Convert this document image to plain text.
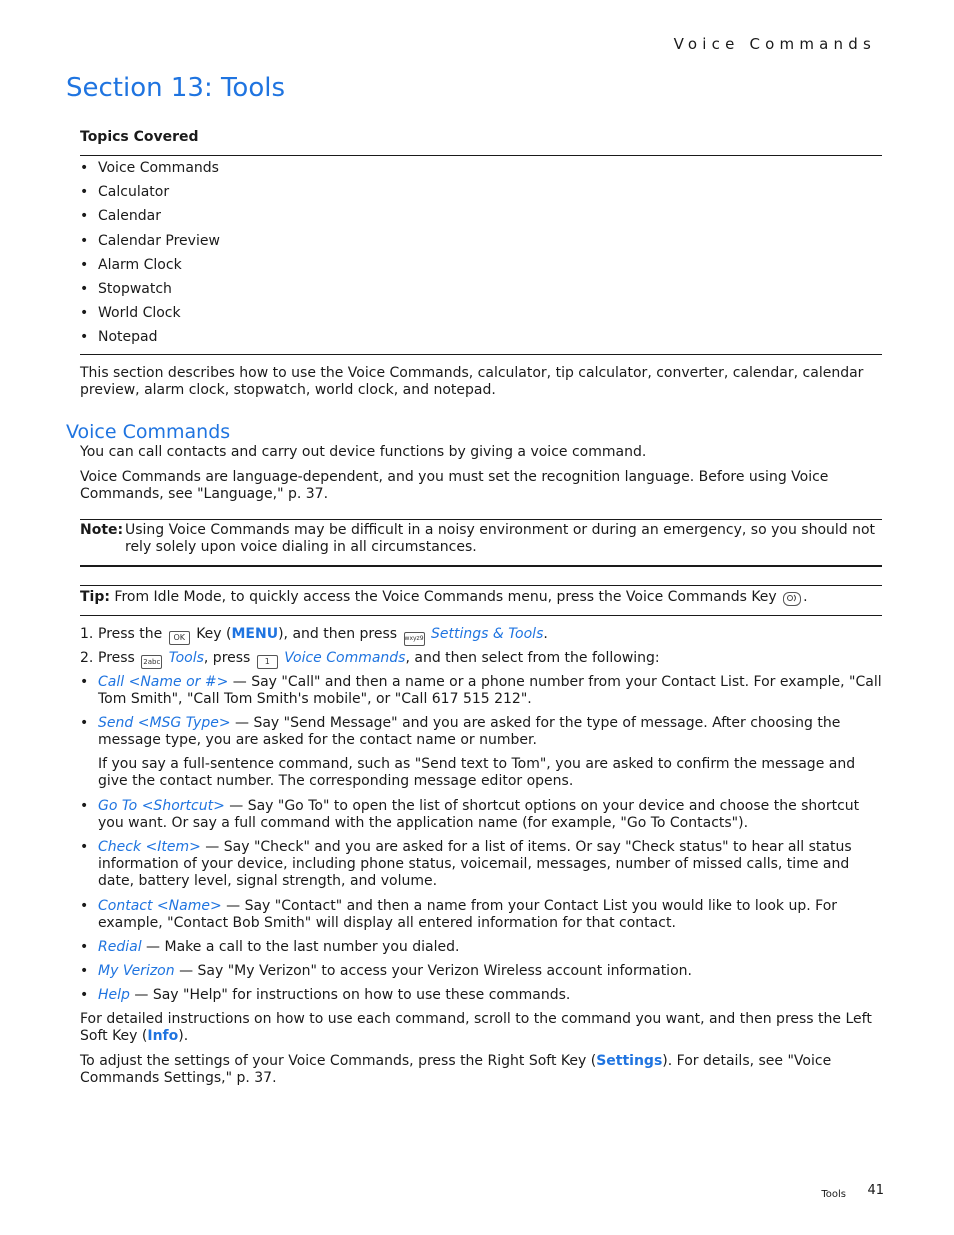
Voice Commands
Section 13: Tools
Topics Covered
• Voice Commands
• Calculator
• Calendar
• Calendar Preview
• Alarm Clock
• Stopwatch
• World Clock
• Notepad
This section describes how to use the Voice Commands, calculator, tip calculator, converter, calendar, calendar preview, alarm clock, stopwatch, world clock, and notepad.
Voice Commands
You can call contacts and carry out device functions by giving a voice command.
Voice Commands are language-dependent, and you must set the recognition language. Before using Voice Commands, see "Language," p. 37.
Note: Using Voice Commands may be difficult in a noisy environment or during an emergency, so you should not rely solely upon voice dialing in all circumstances.
Tip: From Idle Mode, to quickly access the Voice Commands menu, press the Voice Commands Key .
1. Press the OK Key (MENU), and then press wxyz9 Settings & Tools.
2. Press 2abc Tools, press 1 Voice Commands, and then select from the following:
• Call <Name or #> — Say "Call" and then a name or a phone number from your Contact List. For example, "Call Tom Smith", "Call Tom Smith's mobile", or "Call 617 515 212".
• Send <MSG Type> — Say "Send Message" and you are asked for the type of message. After choosing the message type, you are asked for the contact name or number.
If you say a full-sentence command, such as "Send text to Tom", you are asked to confirm the message and give the contact number. The corresponding message editor opens.
• Go To <Shortcut> — Say "Go To" to open the list of shortcut options on your device and choose the shortcut you want. Or say a full command with the application name (for example, "Go To Contacts").
• Check <Item> — Say "Check" and you are asked for a list of items. Or say "Check status" to hear all status information of your device, including phone status, voicemail, messages, number of missed calls, time and date, battery level, signal strength, and volume.
• Contact <Name> — Say "Contact" and then a name from your Contact List you would like to look up. For example, "Contact Bob Smith" will display all entered information for that contact.
• Redial — Make a call to the last number you dialed.
• My Verizon — Say "My Verizon" to access your Verizon Wireless account information.
• Help — Say "Help" for instructions on how to use these commands.
For detailed instructions on how to use each command, scroll to the command you want, and then press the Left Soft Key (Info).
To adjust the settings of your Voice Commands, press the Right Soft Key (Settings). For details, see "Voice Commands Settings," p. 37.
Tools 41
